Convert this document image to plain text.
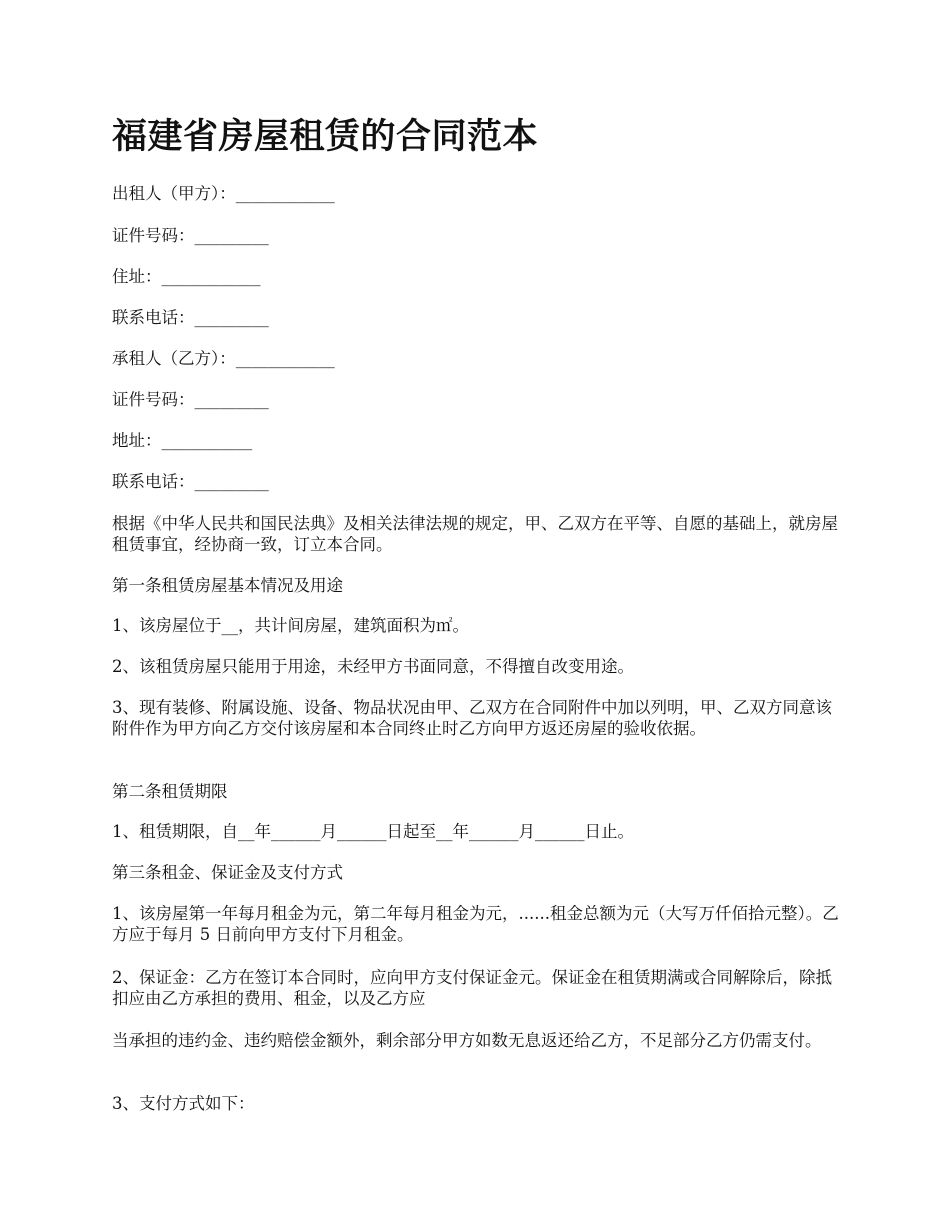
福建省房屋租赁的合同范本

出租人（甲方）：____________

证件号码：_________

住址：____________

联系电话：_________

承租人（乙方）：____________

证件号码：_________

地址：___________

联系电话：_________

根据《中华人民共和国民法典》及相关法律法规的规定，甲、乙双方在平等、自愿的基础上，就房屋租赁事宜，经协商一致，订立本合同。

第一条租赁房屋基本情况及用途

1、该房屋位于__，共计间房屋，建筑面积为㎡。

2、该租赁房屋只能用于用途，未经甲方书面同意，不得擅自改变用途。

3、现有装修、附属设施、设备、物品状况由甲、乙双方在合同附件中加以列明，甲、乙双方同意该附件作为甲方向乙方交付该房屋和本合同终止时乙方向甲方返还房屋的验收依据。

第二条租赁期限

1、租赁期限，自__年______月______日起至__年______月______日止。

第三条租金、保证金及支付方式

1、该房屋第一年每月租金为元，第二年每月租金为元，......租金总额为元（大写万仟佰拾元整）。乙方应于每月 5 日前向甲方支付下月租金。

2、保证金：乙方在签订本合同时，应向甲方支付保证金元。保证金在租赁期满或合同解除后，除抵扣应由乙方承担的费用、租金，以及乙方应

当承担的违约金、违约赔偿金额外，剩余部分甲方如数无息返还给乙方，不足部分乙方仍需支付。

3、支付方式如下：
